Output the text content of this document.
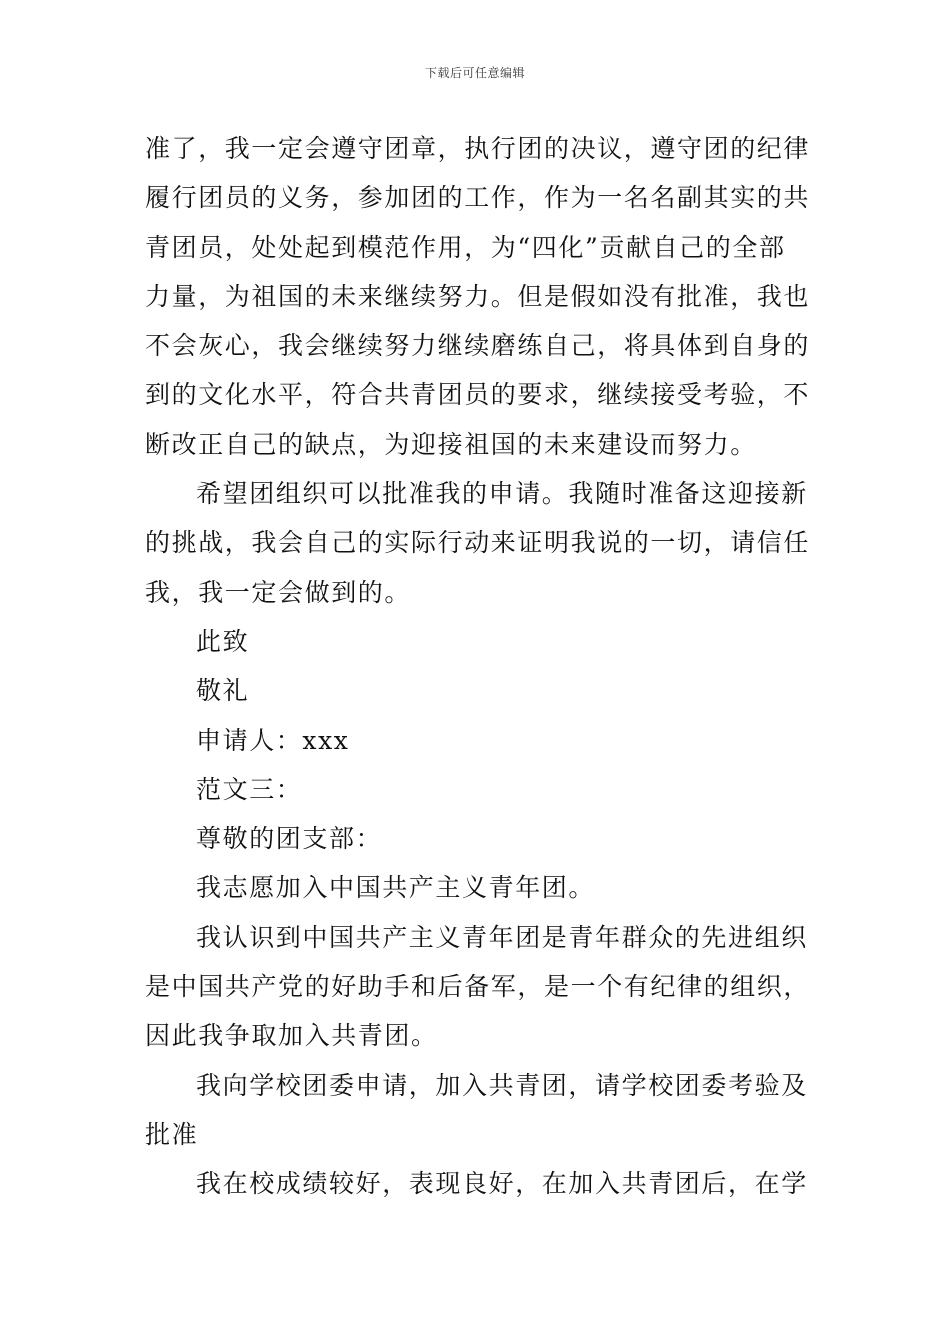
下载后可任意编辑
准了，我一定会遵守团章，执行团的决议，遵守团的纪律
履行团员的义务，参加团的工作，作为一名名副其实的共
青团员，处处起到模范作用，为“四化”贡献自己的全部
力量，为祖国的未来继续努力。但是假如没有批准，我也
不会灰心，我会继续努力继续磨练自己，将具体到自身的
到的文化水平，符合共青团员的要求，继续接受考验，不
断改正自己的缺点，为迎接祖国的未来建设而努力。
希望团组织可以批准我的申请。我随时准备这迎接新
的挑战，我会自己的实际行动来证明我说的一切，请信任
我，我一定会做到的。
此致
敬礼
申请人：xxx
范文三：
尊敬的团支部：
我志愿加入中国共产主义青年团。
我认识到中国共产主义青年团是青年群众的先进组织
是中国共产党的好助手和后备军，是一个有纪律的组织，
因此我争取加入共青团。
我向学校团委申请，加入共青团，请学校团委考验及
批准
我在校成绩较好，表现良好，在加入共青团后，在学
